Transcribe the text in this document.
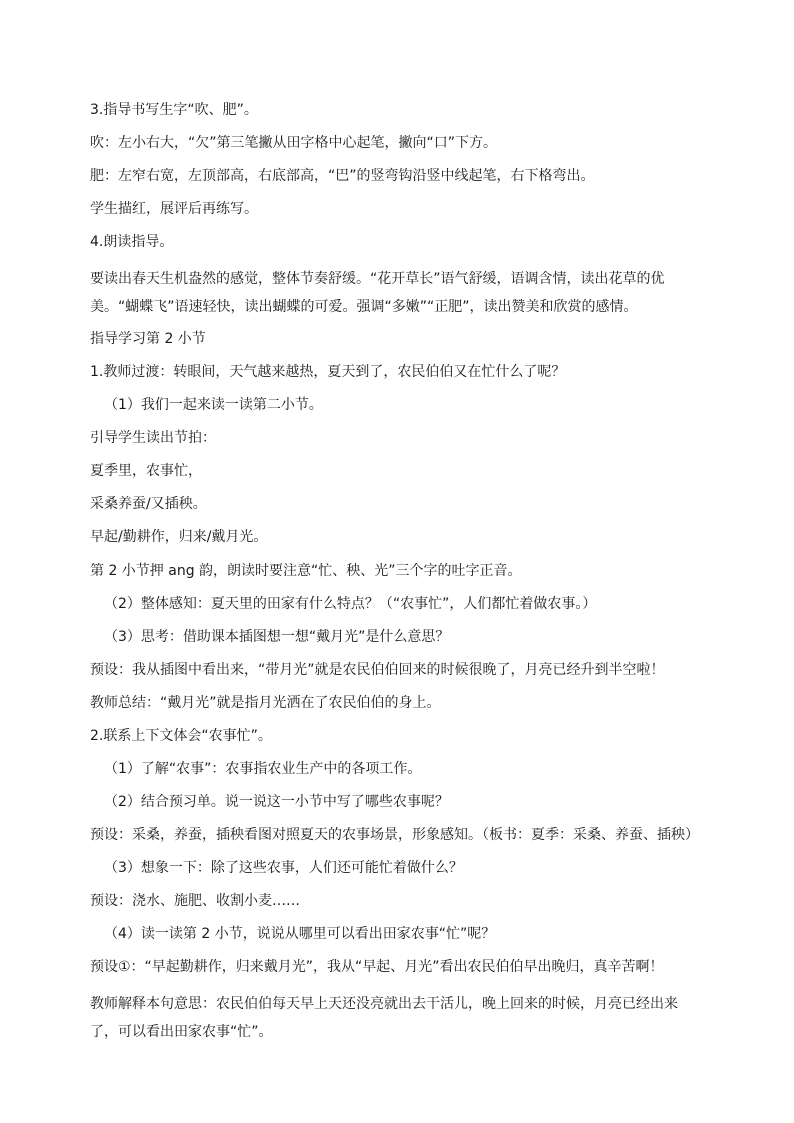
3.指导书写生字“吹、肥”。

吹：左小右大，“欠”第三笔撇从田字格中心起笔，撇向“口”下方。

肥：左窄右宽，左顶部高，右底部高，“巴”的竖弯钩沿竖中线起笔，右下格弯出。

学生描红，展评后再练写。

4.朗读指导。

要读出春天生机盎然的感觉，整体节奏舒缓。“花开草长”语气舒缓，语调含情，读出花草的优美。“蝴蝶飞”语速轻快，读出蝴蝶的可爱。强调“多嫩”“正肥”，读出赞美和欣赏的感情。

指导学习第 2 小节

1.教师过渡：转眼间，天气越来越热，夏天到了，农民伯伯又在忙什么了呢？

（1）我们一起来读一读第二小节。

引导学生读出节拍：

夏季里，农事忙，

采桑养蚕/又插秧。

早起/勤耕作，归来/戴月光。

第 2 小节押 ang 韵，朗读时要注意“忙、秧、光”三个字的吐字正音。

（2）整体感知：夏天里的田家有什么特点？（“农事忙”，人们都忙着做农事。）

（3）思考：借助课本插图想一想“戴月光”是什么意思？

预设：我从插图中看出来，“带月光”就是农民伯伯回来的时候很晚了，月亮已经升到半空啦！

教师总结：“戴月光”就是指月光洒在了农民伯伯的身上。

2.联系上下文体会“农事忙”。

（1）了解“农事”：农事指农业生产中的各项工作。

（2）结合预习单。说一说这一小节中写了哪些农事呢？

预设：采桑，养蚕，插秧看图对照夏天的农事场景，形象感知。（板书：夏季：采桑、养蚕、插秧）

（3）想象一下：除了这些农事，人们还可能忙着做什么？

预设：浇水、施肥、收割小麦……

（4）读一读第 2 小节，说说从哪里可以看出田家农事“忙”呢？

预设①：“早起勤耕作，归来戴月光”，我从“早起、月光”看出农民伯伯早出晚归，真辛苦啊！

教师解释本句意思：农民伯伯每天早上天还没亮就出去干活儿，晚上回来的时候，月亮已经出来了，可以看出田家农事“忙”。
